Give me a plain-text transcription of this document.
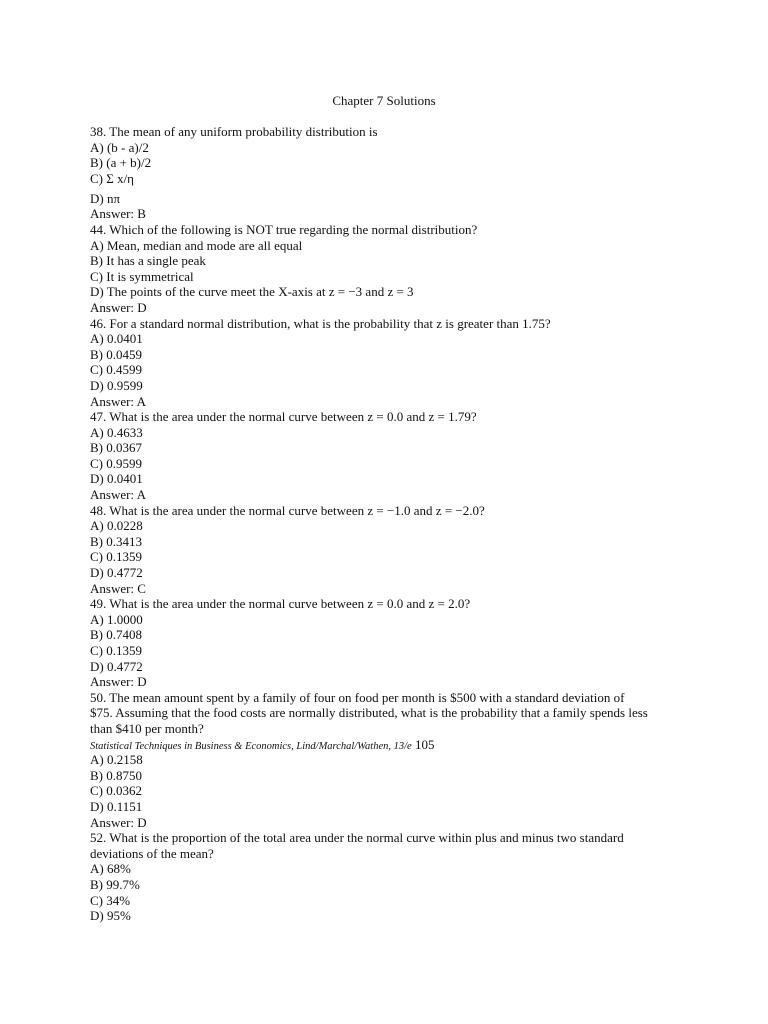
Chapter 7 Solutions
38. The mean of any uniform probability distribution is
A) (b - a)/2
B) (a + b)/2
C) Σ x/η
D) nπ
Answer: B
44. Which of the following is NOT true regarding the normal distribution?
A) Mean, median and mode are all equal
B) It has a single peak
C) It is symmetrical
D) The points of the curve meet the X-axis at z = −3 and z = 3
Answer: D
46. For a standard normal distribution, what is the probability that z is greater than 1.75?
A) 0.0401
B) 0.0459
C) 0.4599
D) 0.9599
Answer: A
47. What is the area under the normal curve between z = 0.0 and z = 1.79?
A) 0.4633
B) 0.0367
C) 0.9599
D) 0.0401
Answer: A
48. What is the area under the normal curve between z = −1.0 and z = −2.0?
A) 0.0228
B) 0.3413
C) 0.1359
D) 0.4772
Answer: C
49. What is the area under the normal curve between z = 0.0 and z = 2.0?
A) 1.0000
B) 0.7408
C) 0.1359
D) 0.4772
Answer: D
50. The mean amount spent by a family of four on food per month is $500 with a standard deviation of $75. Assuming that the food costs are normally distributed, what is the probability that a family spends less than $410 per month?
Statistical Techniques in Business & Economics, Lind/Marchal/Wathen, 13/e 105
A) 0.2158
B) 0.8750
C) 0.0362
D) 0.1151
Answer: D
52. What is the proportion of the total area under the normal curve within plus and minus two standard deviations of the mean?
A) 68%
B) 99.7%
C) 34%
D) 95%
